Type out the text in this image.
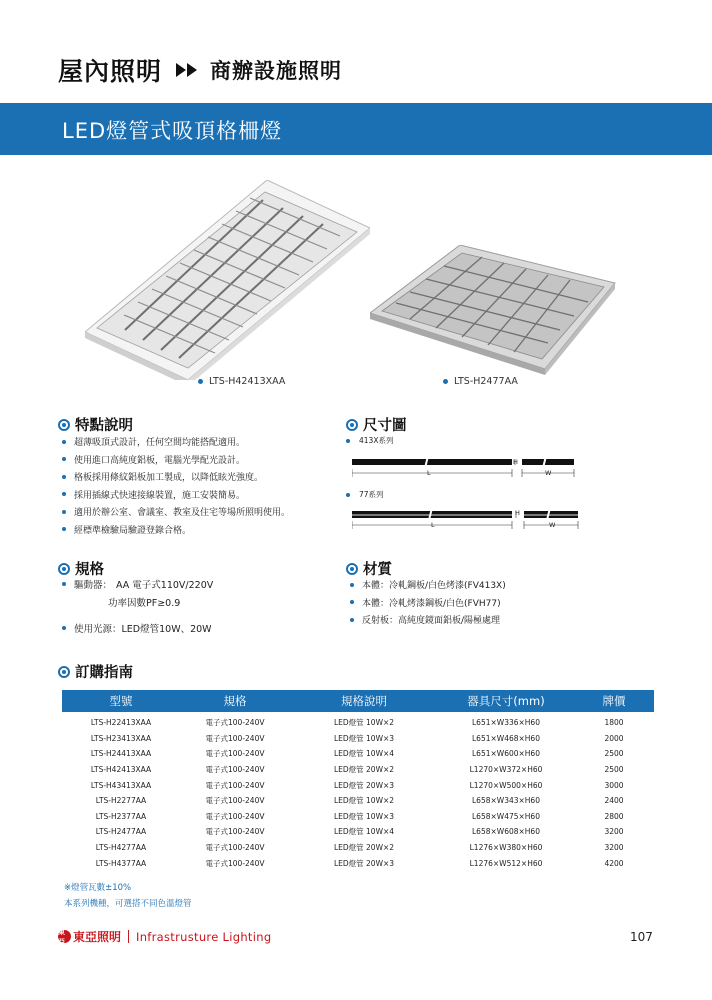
屋內照明 商辦設施照明
LED燈管式吸頂格柵燈
LTS-H42413XAA	LTS-H2477AA
特點說明
超薄吸頂式設計，任何空間均能搭配適用。
使用進口高純度鋁板，電腦光學配光設計。
格板採用條紋鋁板加工製成，以降低眩光強度。
採用插線式快速接線裝置，施工安裝簡易。
適用於辦公室、會議室、教室及住宅等場所照明使用。
經標準檢驗局驗證登錄合格。
尺寸圖
413X系列
L
H
W
77系列
L
H
W
規格
驅動器： AA 電子式110V/220V
功率因數PF≥0.9
使用光源：LED燈管10W、20W
材質
本體：冷軋鋼板/白色烤漆(FV413X)
本體：冷軋烤漆鋼板/白色(FVH77)
反射板：高純度鏡面鋁板/陽極處理
訂購指南
型號	規格	規格說明	器具尺寸(mm)	牌價
LTS-H22413XAA	電子式100-240V	LED燈管 10W×2	L651×W336×H60	1800
LTS-H23413XAA	電子式100-240V	LED燈管 10W×3	L651×W468×H60	2000
LTS-H24413XAA	電子式100-240V	LED燈管 10W×4	L651×W600×H60	2500
LTS-H42413XAA	電子式100-240V	LED燈管 20W×2	L1270×W372×H60	2500
LTS-H43413XAA	電子式100-240V	LED燈管 20W×3	L1270×W500×H60	3000
LTS-H2277AA	電子式100-240V	LED燈管 10W×2	L658×W343×H60	2400
LTS-H2377AA	電子式100-240V	LED燈管 10W×3	L658×W475×H60	2800
LTS-H2477AA	電子式100-240V	LED燈管 10W×4	L658×W608×H60	3200
LTS-H4277AA	電子式100-240V	LED燈管 20W×2	L1276×W380×H60	3200
LTS-H4377AA	電子式100-240V	LED燈管 20W×3	L1276×W512×H60	4200
※燈管瓦數±10%
本系列機種，可選搭不同色溫燈管
東亞 東亞照明 Infrastrusture Lighting	107
